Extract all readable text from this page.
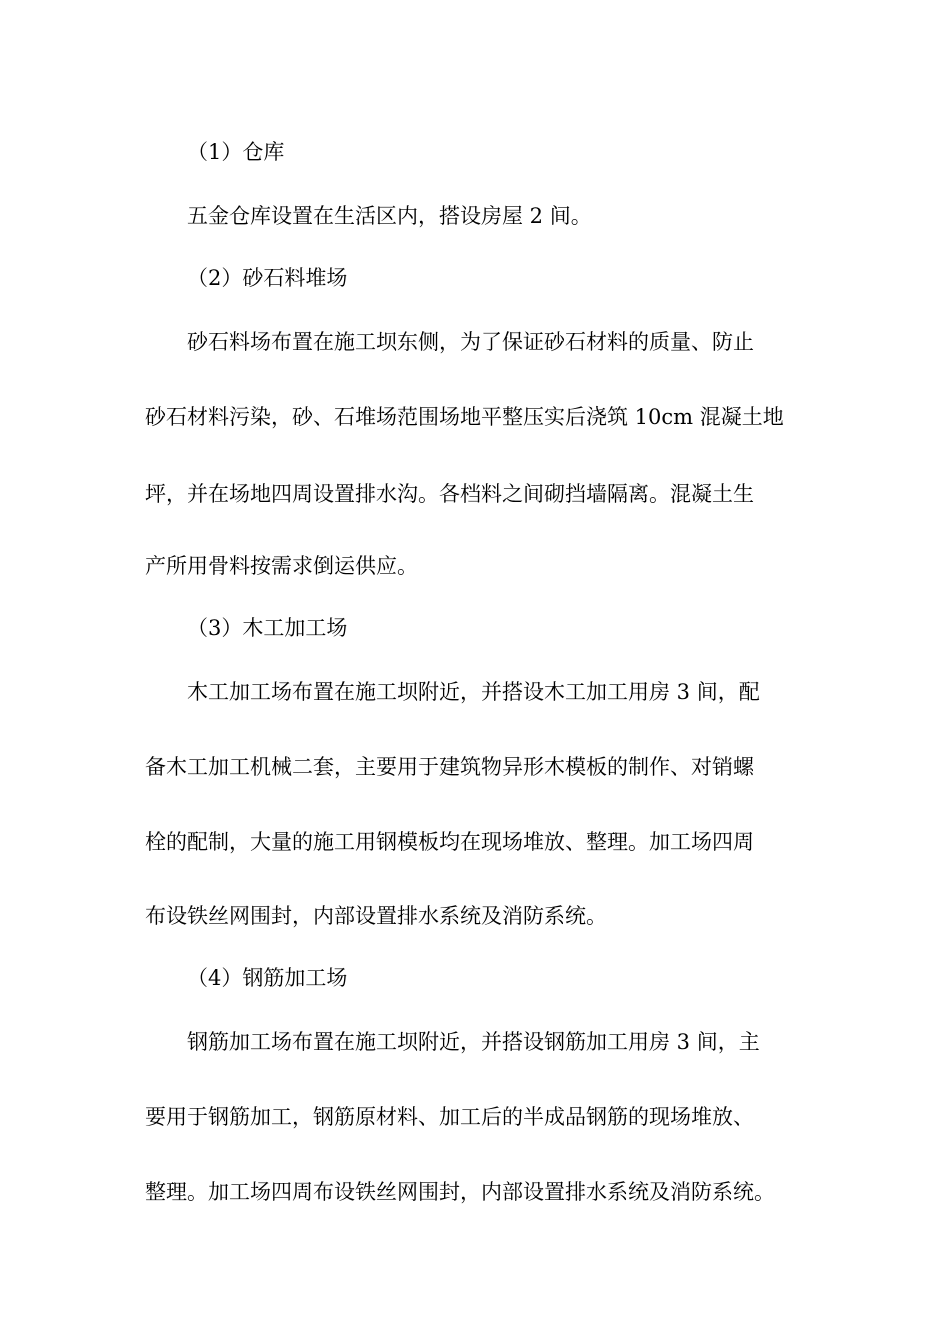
（1）仓库
五金仓库设置在生活区内，搭设房屋 2 间。
（2）砂石料堆场
砂石料场布置在施工坝东侧，为了保证砂石材料的质量、防止
砂石材料污染，砂、石堆场范围场地平整压实后浇筑 10cm 混凝土地
坪，并在场地四周设置排水沟。各档料之间砌挡墙隔离。混凝土生
产所用骨料按需求倒运供应。
（3）木工加工场
木工加工场布置在施工坝附近，并搭设木工加工用房 3 间，配
备木工加工机械二套，主要用于建筑物异形木模板的制作、对销螺
栓的配制，大量的施工用钢模板均在现场堆放、整理。加工场四周
布设铁丝网围封，内部设置排水系统及消防系统。
（4）钢筋加工场
钢筋加工场布置在施工坝附近，并搭设钢筋加工用房 3 间，主
要用于钢筋加工，钢筋原材料、加工后的半成品钢筋的现场堆放、
整理。加工场四周布设铁丝网围封，内部设置排水系统及消防系统。
